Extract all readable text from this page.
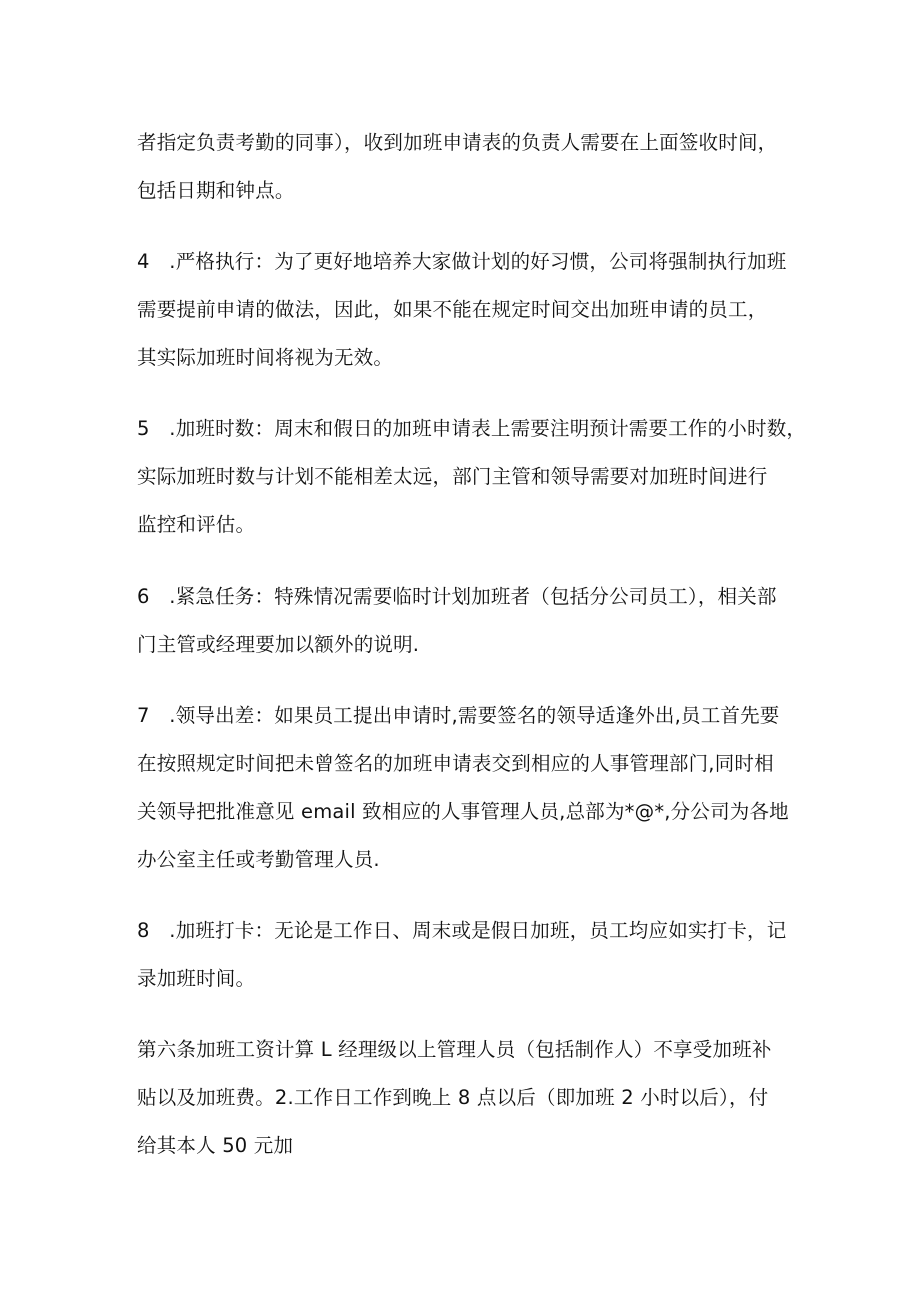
者指定负责考勤的同事），收到加班申请表的负责人需要在上面签收时间，
包括日期和钟点。
4　.严格执行：为了更好地培养大家做计划的好习惯，公司将强制执行加班
需要提前申请的做法，因此，如果不能在规定时间交出加班申请的员工，
其实际加班时间将视为无效。
5　.加班时数：周末和假日的加班申请表上需要注明预计需要工作的小时数，
实际加班时数与计划不能相差太远，部门主管和领导需要对加班时间进行
监控和评估。
6　.紧急任务：特殊情况需要临时计划加班者（包括分公司员工），相关部
门主管或经理要加以额外的说明.
7　.领导出差：如果员工提出申请时,需要签名的领导适逢外出,员工首先要
在按照规定时间把未曾签名的加班申请表交到相应的人事管理部门,同时相
关领导把批准意见 email 致相应的人事管理人员,总部为*@*,分公司为各地
办公室主任或考勤管理人员.
8　.加班打卡：无论是工作日、周末或是假日加班，员工均应如实打卡，记
录加班时间。
第六条加班工资计算 L 经理级以上管理人员（包括制作人）不享受加班补
贴以及加班费。2.工作日工作到晚上 8 点以后（即加班 2 小时以后），付
给其本人 50 元加
